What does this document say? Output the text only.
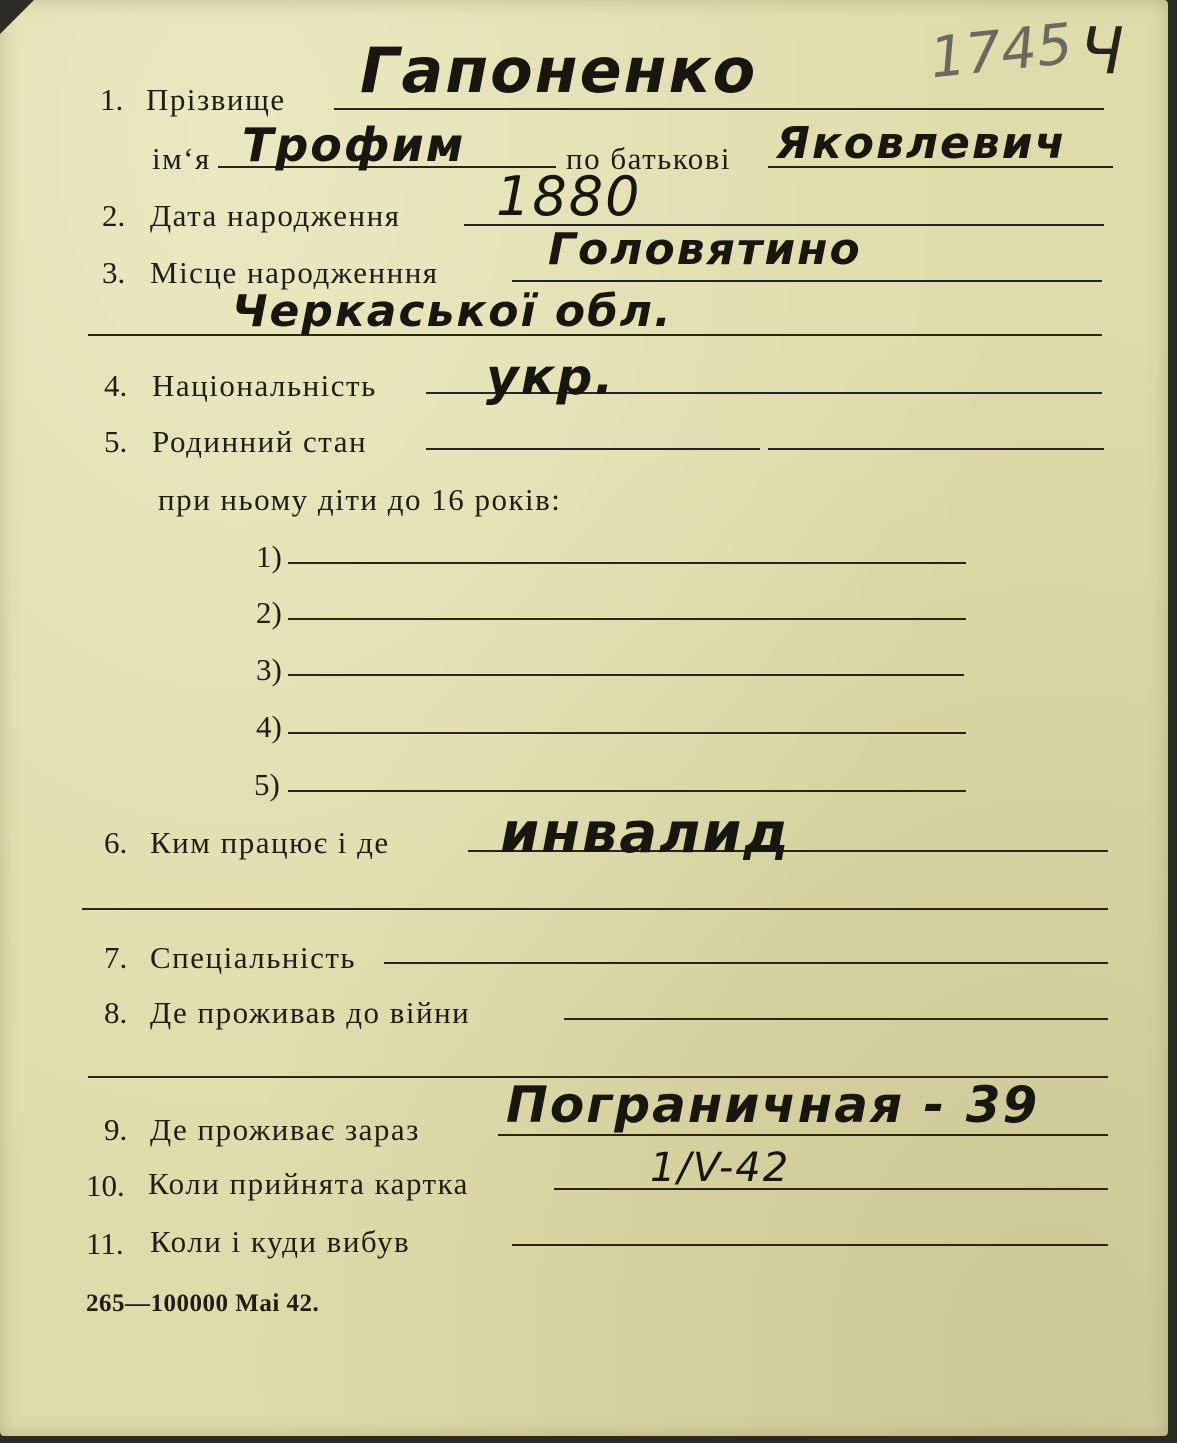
1745 Ч
1. Прізвище Гапоненко
ім‘я Трофим	по батькові Яковлевич
2. Дата народження 1880
3. Місце народженння Головятино
Черкаської обл.
4. Національність укр.
5. Родинний стан
при ньому діти до 16 років:
1)
2)
3)
4)
5)
6. Ким працює і де инвалид
7. Спеціальність
8. Де проживав до війни
9. Де проживає зараз Пограничная - 39
10. Коли прийнята картка	1/V-42
11. Коли і куди вибув
265—100000 Маі 42.
